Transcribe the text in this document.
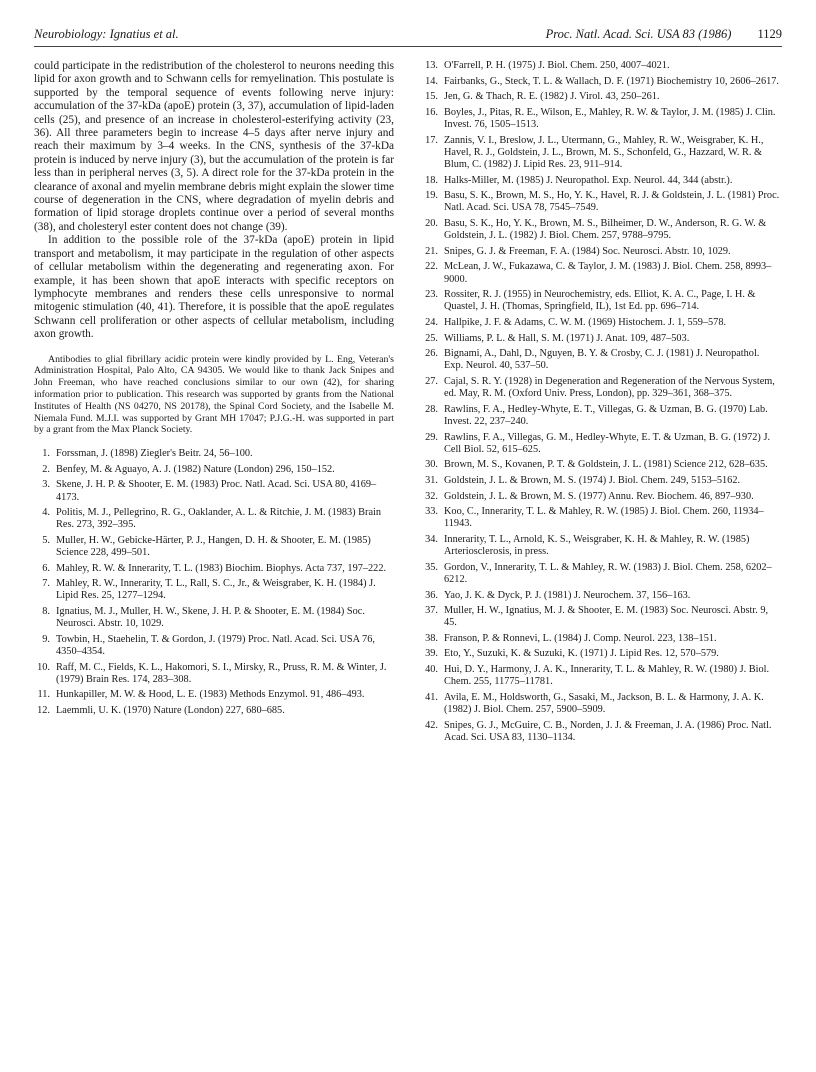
Neurobiology: Ignatius et al.	Proc. Natl. Acad. Sci. USA 83 (1986) 1129

could participate in the redistribution of the cholesterol to neurons needing this lipid for axon growth and to Schwann cells for remyelination. This postulate is supported by the temporal sequence of events following nerve injury: accumulation of the 37-kDa (apoE) protein (3, 37), accumulation of lipid-laden cells (25), and presence of an increase in cholesterol-esterifying activity (23, 36). All three parameters begin to increase 4–5 days after nerve injury and reach their maximum by 3–4 weeks. In the CNS, synthesis of the 37-kDa protein is induced by nerve injury (3), but the accumulation of the protein is far less than in peripheral nerves (3, 5). A direct role for the 37-kDa protein in the clearance of axonal and myelin membrane debris might explain the slower time course of degeneration in the CNS, where degradation of myelin debris and formation of lipid storage droplets continue over a period of several months (38), and cholesteryl ester content does not change (39).

In addition to the possible role of the 37-kDa (apoE) protein in lipid transport and metabolism, it may participate in the regulation of other aspects of cellular metabolism within the degenerating and regenerating axon. For example, it has been shown that apoE interacts with specific receptors on lymphocyte membranes and renders these cells unresponsive to normal mitogenic stimulation (40, 41). Therefore, it is possible that the apoE regulates Schwann cell proliferation or other aspects of cellular metabolism, including axon growth.

Antibodies to glial fibrillary acidic protein were kindly provided by L. Eng, Veteran's Administration Hospital, Palo Alto, CA 94305. We would like to thank Jack Snipes and John Freeman, who have reached conclusions similar to our own (42), for sharing information prior to publication. This research was supported by grants from the National Institutes of Health (NS 04270, NS 20178), the Spinal Cord Society, and the Isabelle M. Niemala Fund. M.J.I. was supported by Grant MH 17047; P.J.G.-H. was supported in part by a grant from the Max Planck Society.

1. Forssman, J. (1898) Ziegler's Beitr. 24, 56–100.
2. Benfey, M. & Aguayo, A. J. (1982) Nature (London) 296, 150–152.
3. Skene, J. H. P. & Shooter, E. M. (1983) Proc. Natl. Acad. Sci. USA 80, 4169–4173.
4. Politis, M. J., Pellegrino, R. G., Oaklander, A. L. & Ritchie, J. M. (1983) Brain Res. 273, 392–395.
5. Muller, H. W., Gebicke-Härter, P. J., Hangen, D. H. & Shooter, E. M. (1985) Science 228, 499–501.
6. Mahley, R. W. & Innerarity, T. L. (1983) Biochim. Biophys. Acta 737, 197–222.
7. Mahley, R. W., Innerarity, T. L., Rall, S. C., Jr., & Weisgraber, K. H. (1984) J. Lipid Res. 25, 1277–1294.
8. Ignatius, M. J., Muller, H. W., Skene, J. H. P. & Shooter, E. M. (1984) Soc. Neurosci. Abstr. 10, 1029.
9. Towbin, H., Staehelin, T. & Gordon, J. (1979) Proc. Natl. Acad. Sci. USA 76, 4350–4354.
10. Raff, M. C., Fields, K. L., Hakomori, S. I., Mirsky, R., Pruss, R. M. & Winter, J. (1979) Brain Res. 174, 283–308.
11. Hunkapiller, M. W. & Hood, L. E. (1983) Methods Enzymol. 91, 486–493.
12. Laemmli, U. K. (1970) Nature (London) 227, 680–685.
13. O'Farrell, P. H. (1975) J. Biol. Chem. 250, 4007–4021.
14. Fairbanks, G., Steck, T. L. & Wallach, D. F. (1971) Biochemistry 10, 2606–2617.
15. Jen, G. & Thach, R. E. (1982) J. Virol. 43, 250–261.
16. Boyles, J., Pitas, R. E., Wilson, E., Mahley, R. W. & Taylor, J. M. (1985) J. Clin. Invest. 76, 1505–1513.
17. Zannis, V. I., Breslow, J. L., Utermann, G., Mahley, R. W., Weisgraber, K. H., Havel, R. J., Goldstein, J. L., Brown, M. S., Schonfeld, G., Hazzard, W. R. & Blum, C. (1982) J. Lipid Res. 23, 911–914.
18. Halks-Miller, M. (1985) J. Neuropathol. Exp. Neurol. 44, 344 (abstr.).
19. Basu, S. K., Brown, M. S., Ho, Y. K., Havel, R. J. & Goldstein, J. L. (1981) Proc. Natl. Acad. Sci. USA 78, 7545–7549.
20. Basu, S. K., Ho, Y. K., Brown, M. S., Bilheimer, D. W., Anderson, R. G. W. & Goldstein, J. L. (1982) J. Biol. Chem. 257, 9788–9795.
21. Snipes, G. J. & Freeman, F. A. (1984) Soc. Neurosci. Abstr. 10, 1029.
22. McLean, J. W., Fukazawa, C. & Taylor, J. M. (1983) J. Biol. Chem. 258, 8993–9000.
23. Rossiter, R. J. (1955) in Neurochemistry, eds. Elliot, K. A. C., Page, I. H. & Quastel, J. H. (Thomas, Springfield, IL), 1st Ed. pp. 696–714.
24. Hallpike, J. F. & Adams, C. W. M. (1969) Histochem. J. 1, 559–578.
25. Williams, P. L. & Hall, S. M. (1971) J. Anat. 109, 487–503.
26. Bignami, A., Dahl, D., Nguyen, B. Y. & Crosby, C. J. (1981) J. Neuropathol. Exp. Neurol. 40, 537–50.
27. Cajal, S. R. Y. (1928) in Degeneration and Regeneration of the Nervous System, ed. May, R. M. (Oxford Univ. Press, London), pp. 329–361, 368–375.
28. Rawlins, F. A., Hedley-Whyte, E. T., Villegas, G. & Uzman, B. G. (1970) Lab. Invest. 22, 237–240.
29. Rawlins, F. A., Villegas, G. M., Hedley-Whyte, E. T. & Uzman, B. G. (1972) J. Cell Biol. 52, 615–625.
30. Brown, M. S., Kovanen, P. T. & Goldstein, J. L. (1981) Science 212, 628–635.
31. Goldstein, J. L. & Brown, M. S. (1974) J. Biol. Chem. 249, 5153–5162.
32. Goldstein, J. L. & Brown, M. S. (1977) Annu. Rev. Biochem. 46, 897–930.
33. Koo, C., Innerarity, T. L. & Mahley, R. W. (1985) J. Biol. Chem. 260, 11934–11943.
34. Innerarity, T. L., Arnold, K. S., Weisgraber, K. H. & Mahley, R. W. (1985) Arteriosclerosis, in press.
35. Gordon, V., Innerarity, T. L. & Mahley, R. W. (1983) J. Biol. Chem. 258, 6202–6212.
36. Yao, J. K. & Dyck, P. J. (1981) J. Neurochem. 37, 156–163.
37. Muller, H. W., Ignatius, M. J. & Shooter, E. M. (1983) Soc. Neurosci. Abstr. 9, 45.
38. Franson, P. & Ronnevi, L. (1984) J. Comp. Neurol. 223, 138–151.
39. Eto, Y., Suzuki, K. & Suzuki, K. (1971) J. Lipid Res. 12, 570–579.
40. Hui, D. Y., Harmony, J. A. K., Innerarity, T. L. & Mahley, R. W. (1980) J. Biol. Chem. 255, 11775–11781.
41. Avila, E. M., Holdsworth, G., Sasaki, M., Jackson, B. L. & Harmony, J. A. K. (1982) J. Biol. Chem. 257, 5900–5909.
42. Snipes, G. J., McGuire, C. B., Norden, J. J. & Freeman, J. A. (1986) Proc. Natl. Acad. Sci. USA 83, 1130–1134.
